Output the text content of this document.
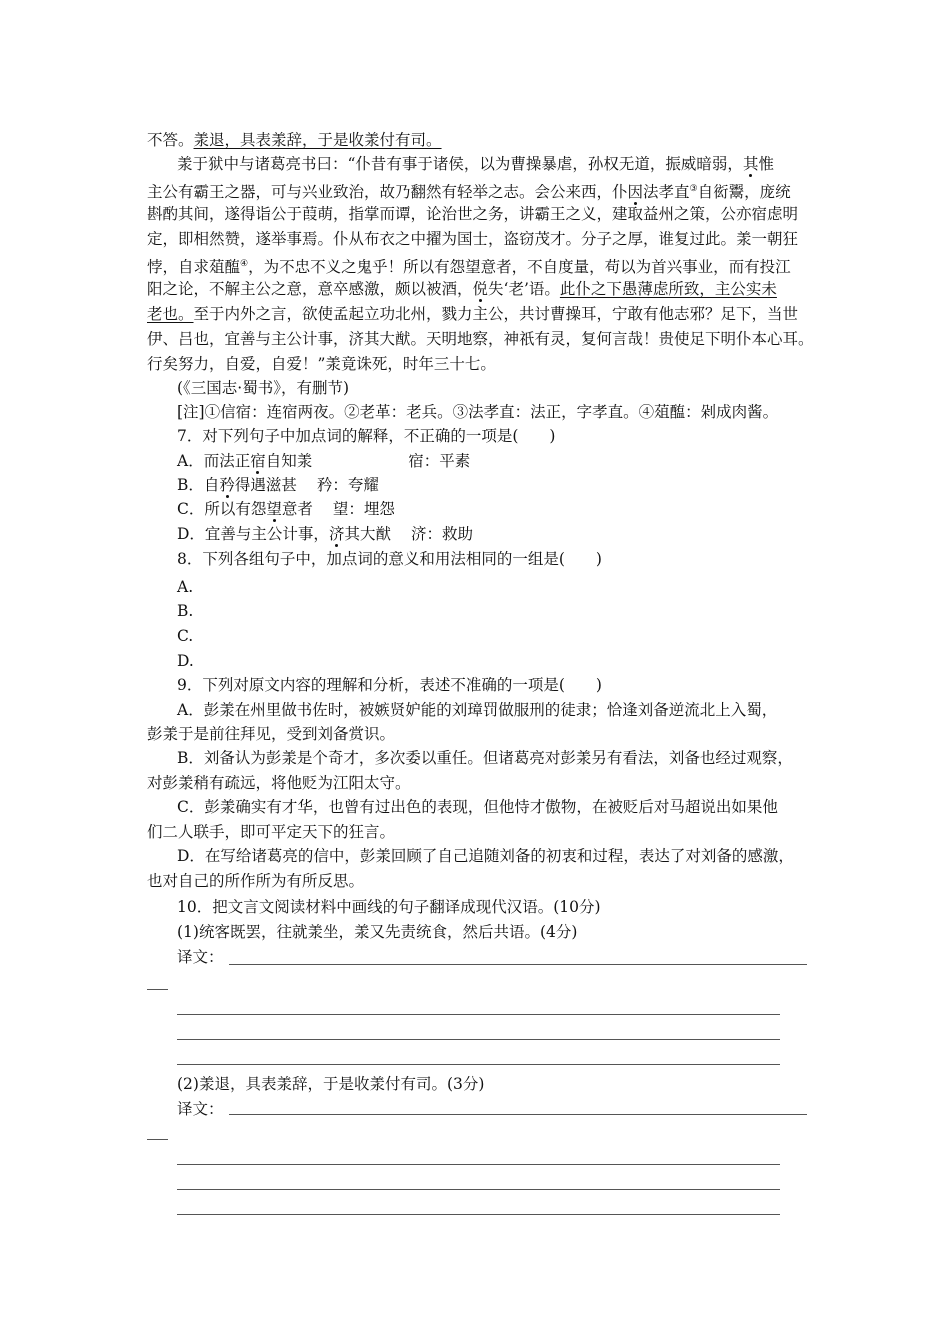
不答。羕退，具表羕辞，于是收羕付有司。
羕于狱中与诸葛亮书曰：“仆昔有事于诸侯，以为曹操暴虐，孙权无道，振威暗弱，其惟
主公有霸王之器，可与兴业致治，故乃翻然有轻举之志。会公来西，仆因法孝直③自衒鬻，庞统
斟酌其间，遂得诣公于葭萌，指掌而谭，论治世之务，讲霸王之义，建取益州之策，公亦宿虑明
定，即相然赞，遂举事焉。仆从布衣之中擢为国士，盗窃茂才。分子之厚，谁复过此。羕一朝狂
悖，自求葅醢④，为不忠不义之鬼乎！所以有怨望意者，不自度量，苟以为首兴事业，而有投江
阳之论，不解主公之意，意卒感激，颇以被酒，侻失‘老’语。此仆之下愚薄虑所致，主公实未
老也。至于内外之言，欲使孟起立功北州，戮力主公，共讨曹操耳，宁敢有他志邪？足下，当世
伊、吕也，宜善与主公计事，济其大猷。天明地察，神祇有灵，复何言哉！贵使足下明仆本心耳。
行矣努力，自爱，自爱！”羕竟诛死，时年三十七。
(《三国志·蜀书》，有删节)
[注]①信宿：连宿两夜。②老革：老兵。③法孝直：法正，字孝直。④葅醢：剁成肉酱。
7．对下列句子中加点词的解释，不正确的一项是(　　)
A．而法正宿自知羕	宿：平素
B．自矜得遇滋甚 矜：夸耀
C．所以有怨望意者 望：埋怨
D．宜善与主公计事，济其大猷 济：救助
8．下列各组句子中，加点词的意义和用法相同的一组是(　　)
A.
B.
C.
D.
9．下列对原文内容的理解和分析，表述不准确的一项是(　　)
A．彭羕在州里做书佐时，被嫉贤妒能的刘璋罚做服刑的徒隶；恰逢刘备逆流北上入蜀，
彭羕于是前往拜见，受到刘备赏识。
B．刘备认为彭羕是个奇才，多次委以重任。但诸葛亮对彭羕另有看法，刘备也经过观察，
对彭羕稍有疏远，将他贬为江阳太守。
C．彭羕确实有才华，也曾有过出色的表现，但他恃才傲物，在被贬后对马超说出如果他
们二人联手，即可平定天下的狂言。
D．在写给诸葛亮的信中，彭羕回顾了自己追随刘备的初衷和过程，表达了对刘备的感激，
也对自己的所作所为有所反思。
10．把文言文阅读材料中画线的句子翻译成现代汉语。(10分)
(1)统客既罢，往就羕坐，羕又先责统食，然后共语。(4分)
译文：
(2)羕退，具表羕辞，于是收羕付有司。(3分)
译文：
